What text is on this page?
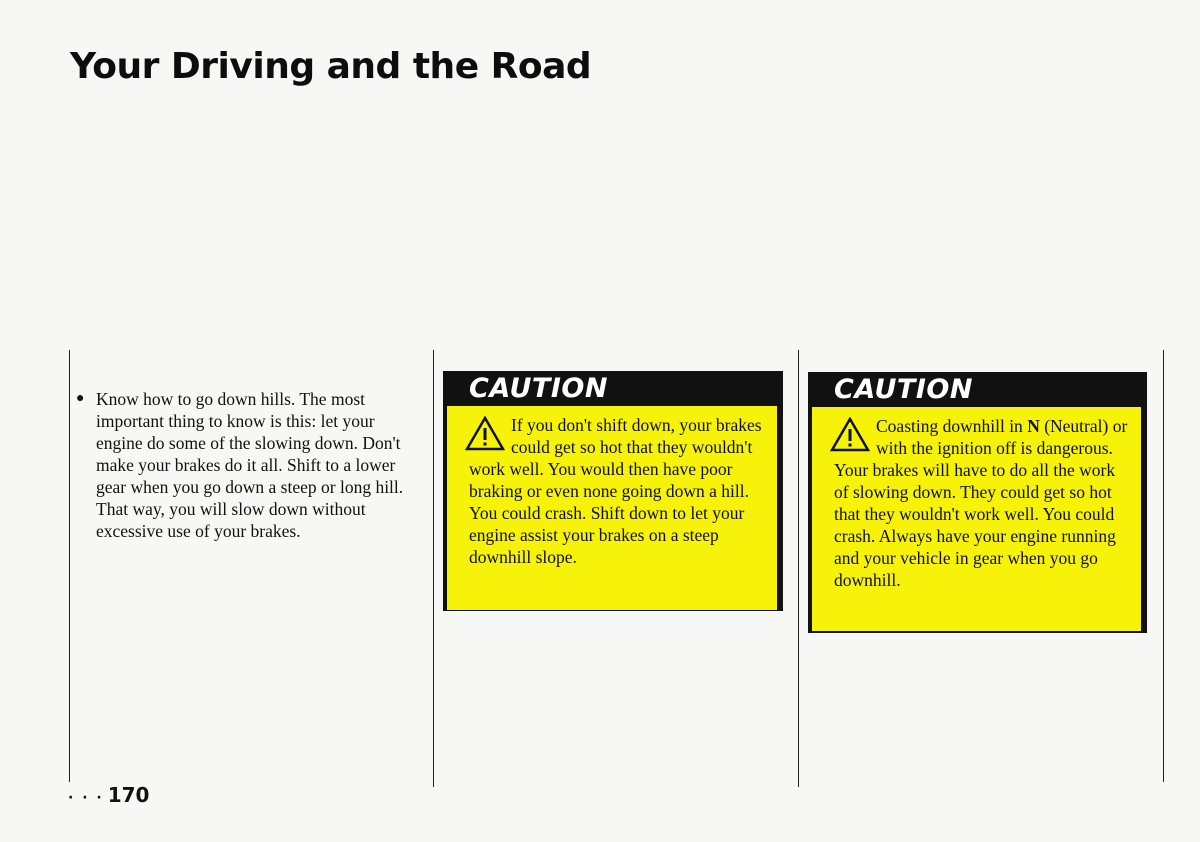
Your Driving and the Road
● Know how to go down hills. The most important thing to know is this: let your engine do some of the slowing down. Don't make your brakes do it all. Shift to a lower gear when you go down a steep or long hill. That way, you will slow down without excessive use of your brakes.
CAUTION
If you don't shift down, your brakes could get so hot that they wouldn't work well. You would then have poor braking or even none going down a hill. You could crash. Shift down to let your engine assist your brakes on a steep downhill slope.
CAUTION
Coasting downhill in N (Neutral) or with the ignition off is dangerous. Your brakes will have to do all the work of slowing down. They could get so hot that they wouldn't work well. You could crash. Always have your engine running and your vehicle in gear when you go downhill.
· · · 170
